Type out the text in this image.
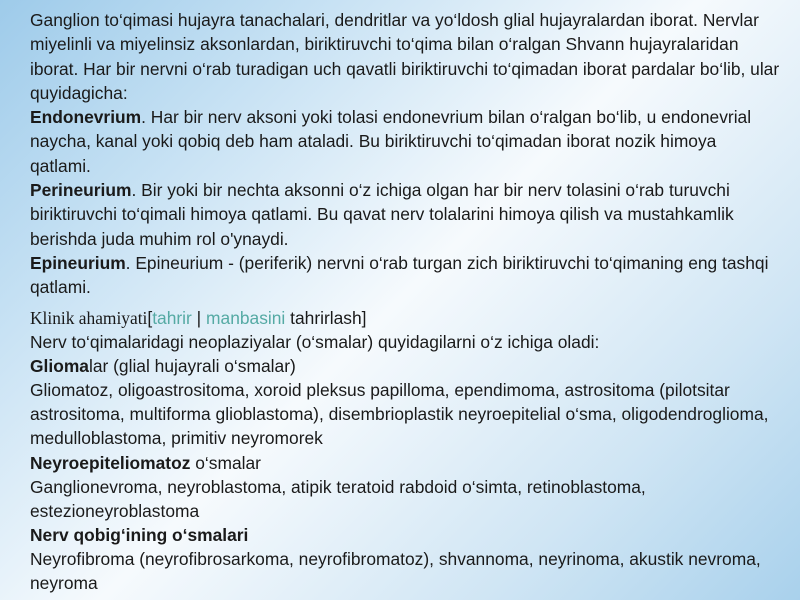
Ganglion to‘qimasi hujayra tanachalari, dendritlar va yo‘ldosh glial hujayralardan iborat. Nervlar miyelinli va miyelinsiz aksonlardan, biriktiruvchi to‘qima bilan o‘ralgan Shvann hujayralaridan iborat. Har bir nervni o‘rab turadigan uch qavatli biriktiruvchi to‘qimadan iborat pardalar bo‘lib, ular quyidagicha:

Endonevrium. Har bir nerv aksoni yoki tolasi endonevrium bilan o‘ralgan bo‘lib, u endonevrial naycha, kanal yoki qobiq deb ham ataladi. Bu biriktiruvchi to‘qimadan iborat nozik himoya qatlami.

Perineurium. Bir yoki bir nechta aksonni o‘z ichiga olgan har bir nerv tolasini o‘rab turuvchi biriktiruvchi to‘qimali himoya qatlami. Bu qavat nerv tolalarini himoya qilish va mustahkamlik berishda juda muhim rol o'ynaydi.

Epineurium. Epineurium - (periferik) nervni o‘rab turgan zich biriktiruvchi to‘qimaning eng tashqi qatlami.

Klinik ahamiyati[tahrir | manbasini tahrirlash]

Nerv to‘qimalaridagi neoplaziyalar (o‘smalar) quyidagilarni o‘z ichiga oladi:

Gliomalar (glial hujayrali o‘smalar)

Gliomatoz, oligoastrositoma, xoroid pleksus papilloma, ependimoma, astrositoma (pilotsitar astrositoma, multiforma glioblastoma), disembrioplastik neyroepitelial o‘sma, oligodendroglioma, medulloblastoma, primitiv neyromorek

Neyroepiteliomatoz o‘smalar

Ganglionevroma, neyroblastoma, atipik teratoid rabdoid o‘simta, retinoblastoma, estezioneyroblastoma

Nerv qobig‘ining o‘smalari

Neyrofibroma (neyrofibrosarkoma, neyrofibromatoz), shvannoma, neyrinoma, akustik nevroma, neyroma
